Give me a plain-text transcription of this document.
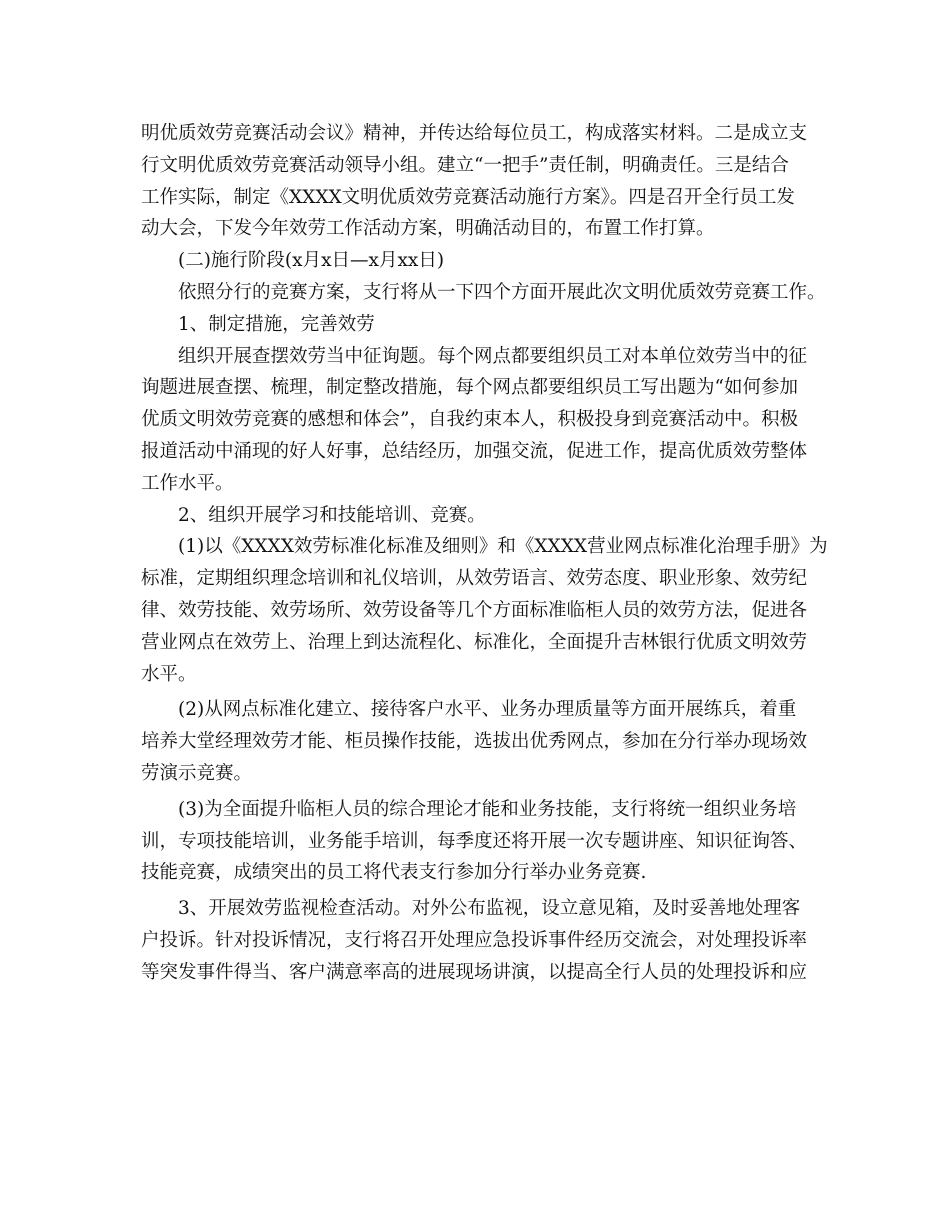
明优质效劳竞赛活动会议》精神，并传达给每位员工，构成落实材料。二是成立支
行文明优质效劳竞赛活动领导小组。建立“一把手”责任制，明确责任。三是结合
工作实际，制定《XXXX文明优质效劳竞赛活动施行方案》。四是召开全行员工发
动大会，下发今年效劳工作活动方案，明确活动目的，布置工作打算。
(二)施行阶段(x月x日—x月xx日)
依照分行的竞赛方案，支行将从一下四个方面开展此次文明优质效劳竞赛工作。
1、制定措施，完善效劳
组织开展查摆效劳当中征询题。每个网点都要组织员工对本单位效劳当中的征
询题进展查摆、梳理，制定整改措施，每个网点都要组织员工写出题为“如何参加
优质文明效劳竞赛的感想和体会”，自我约束本人，积极投身到竞赛活动中。积极
报道活动中涌现的好人好事，总结经历，加强交流，促进工作，提高优质效劳整体
工作水平。
2、组织开展学习和技能培训、竞赛。
(1)以《XXXX效劳标准化标准及细则》和《XXXX营业网点标准化治理手册》为
标准，定期组织理念培训和礼仪培训，从效劳语言、效劳态度、职业形象、效劳纪
律、效劳技能、效劳场所、效劳设备等几个方面标准临柜人员的效劳方法，促进各
营业网点在效劳上、治理上到达流程化、标准化，全面提升吉林银行优质文明效劳
水平。
(2)从网点标准化建立、接待客户水平、业务办理质量等方面开展练兵，着重
培养大堂经理效劳才能、柜员操作技能，选拔出优秀网点，参加在分行举办现场效
劳演示竞赛。
(3)为全面提升临柜人员的综合理论才能和业务技能，支行将统一组织业务培
训，专项技能培训，业务能手培训，每季度还将开展一次专题讲座、知识征询答、
技能竞赛，成绩突出的员工将代表支行参加分行举办业务竞赛.
3、开展效劳监视检查活动。对外公布监视，设立意见箱，及时妥善地处理客
户投诉。针对投诉情况，支行将召开处理应急投诉事件经历交流会，对处理投诉率
等突发事件得当、客户满意率高的进展现场讲演，以提高全行人员的处理投诉和应
